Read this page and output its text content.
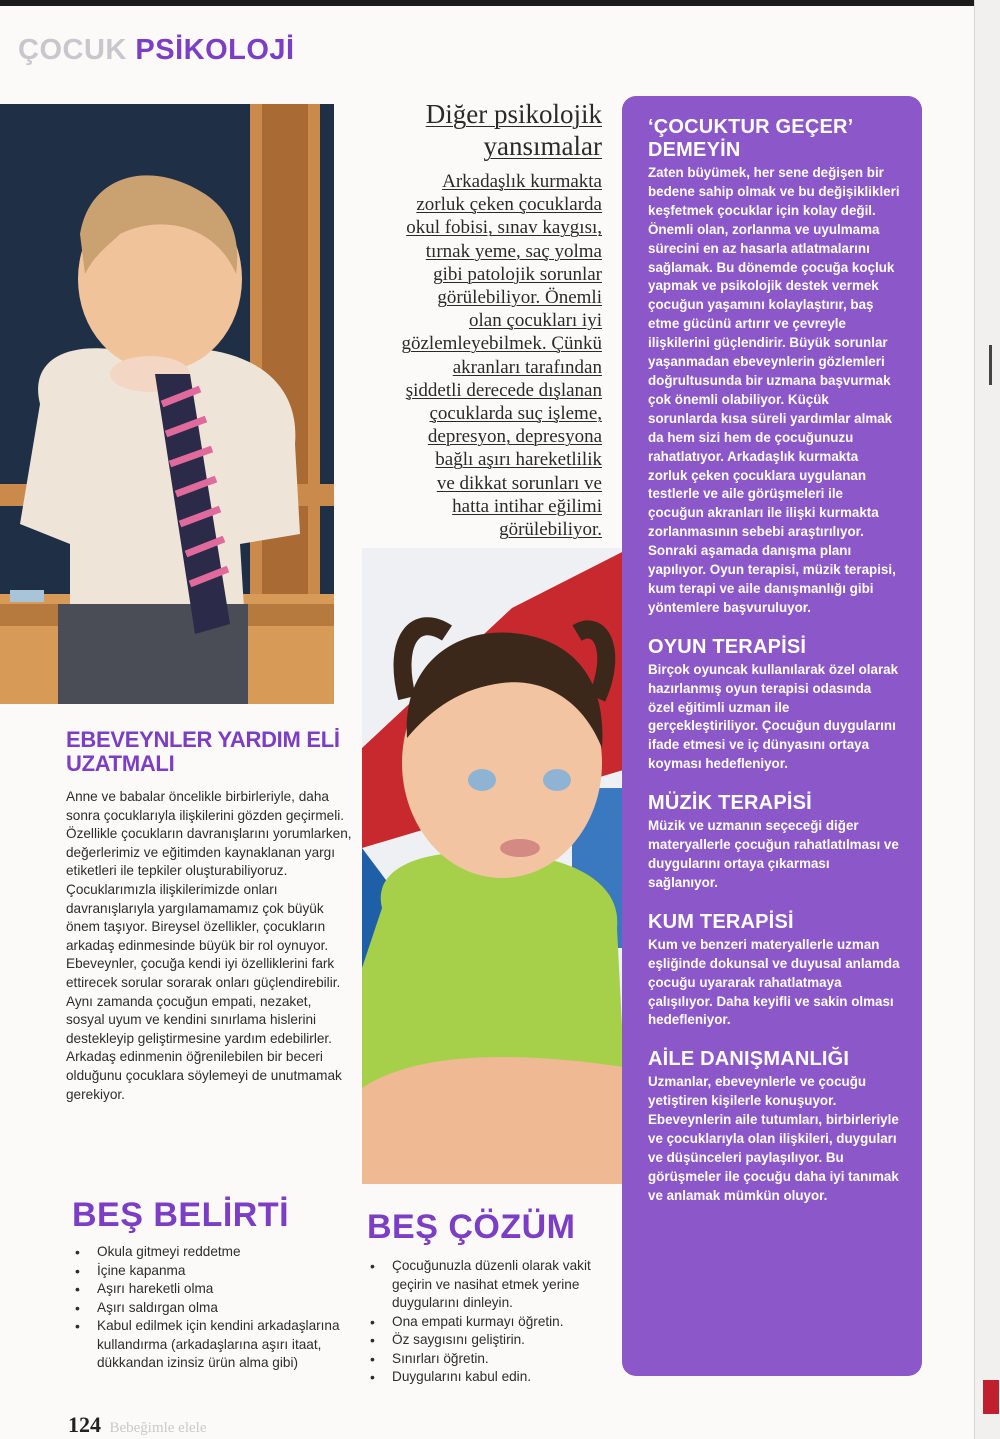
ÇOCUK PSİKOLOJİ
Diğer psikolojik yansımalar
Arkadaşlık kurmakta
zorluk çeken çocuklarda
okul fobisi, sınav kaygısı,
tırnak yeme, saç yolma
gibi patolojik sorunlar
görülebiliyor. Önemli
olan çocukları iyi
gözlemleyebilmek. Çünkü
akranları tarafından
şiddetli derecede dışlanan
çocuklarda suç işleme,
depresyon, depresyona
bağlı aşırı hareketlilik
ve dikkat sorunları ve
hatta intihar eğilimi
görülebiliyor.
EBEVEYNLER YARDIM ELİ UZATMALI

Anne ve babalar öncelikle birbirleriyle, daha sonra çocuklarıyla ilişkilerini gözden geçirmeli. Özellikle çocukların davranışlarını yorumlarken, değerlerimiz ve eğitimden kaynaklanan yargı etiketleri ile tepkiler oluşturabiliyoruz. Çocuklarımızla ilişkilerimizde onları davranışlarıyla yargılamamamız çok büyük önem taşıyor. Bireysel özellikler, çocukların arkadaş edinmesinde büyük bir rol oynuyor. Ebeveynler, çocuğa kendi iyi özelliklerini fark ettirecek sorular sorarak onları güçlendirebilir. Aynı zamanda çocuğun empati, nezaket, sosyal uyum ve kendini sınırlama hislerini destekleyip geliştirmesine yardım edebilirler. Arkadaş edinmenin öğrenilebilen bir beceri olduğunu çocuklara söylemeyi de unutmamak gerekiyor.

BEŞ BELİRTİ
• Okula gitmeyi reddetme
• İçine kapanma
• Aşırı hareketli olma
• Aşırı saldırgan olma
• Kabul edilmek için kendini arkadaşlarına kullandırma (arkadaşlarına aşırı itaat, dükkandan izinsiz ürün alma gibi)
BEŞ ÇÖZÜM
• Çocuğunuzla düzenli olarak vakit geçirin ve nasihat etmek yerine duygularını dinleyin.
• Ona empati kurmayı öğretin.
• Öz saygısını geliştirin.
• Sınırları öğretin.
• Duygularını kabul edin.
‘ÇOCUKTUR GEÇER’ DEMEYİN

Zaten büyümek, her sene değişen bir bedene sahip olmak ve bu değişiklikleri keşfetmek çocuklar için kolay değil. Önemli olan, zorlanma ve uyulmama sürecini en az hasarla atlatmalarını sağlamak. Bu dönemde çocuğa koçluk yapmak ve psikolojik destek vermek çocuğun yaşamını kolaylaştırır, baş etme gücünü artırır ve çevreyle ilişkilerini güçlendirir. Büyük sorunlar yaşanmadan ebeveynlerin gözlemleri doğrultusunda bir uzmana başvurmak çok önemli olabiliyor. Küçük sorunlarda kısa süreli yardımlar almak da hem sizi hem de çocuğunuzu rahatlatıyor. Arkadaşlık kurmakta zorluk çeken çocuklara uygulanan testlerle ve aile görüşmeleri ile çocuğun akranları ile ilişki kurmakta zorlanmasının sebebi araştırılıyor. Sonraki aşamada danışma planı yapılıyor. Oyun terapisi, müzik terapisi, kum terapi ve aile danışmanlığı gibi yöntemlere başvuruluyor.

OYUN TERAPİSİ

Birçok oyuncak kullanılarak özel olarak hazırlanmış oyun terapisi odasında özel eğitimli uzman ile gerçekleştiriliyor. Çocuğun duygularını ifade etmesi ve iç dünyasını ortaya koyması hedefleniyor.

MÜZİK TERAPİSİ

Müzik ve uzmanın seçeceği diğer materyallerle çocuğun rahatlatılması ve duygularını ortaya çıkarması sağlanıyor.

KUM TERAPİSİ

Kum ve benzeri materyallerle uzman eşliğinde dokunsal ve duyusal anlamda çocuğu uyararak rahatlatmaya çalışılıyor. Daha keyifli ve sakin olması hedefleniyor.

AİLE DANIŞMANLIĞI

Uzmanlar, ebeveynlerle ve çocuğu yetiştiren kişilerle konuşuyor. Ebeveynlerin aile tutumları, birbirleriyle ve çocuklarıyla olan ilişkileri, duyguları ve düşünceleri paylaşılıyor. Bu görüşmeler ile çocuğu daha iyi tanımak ve anlamak mümkün oluyor.

124 Bebeğimle elele
